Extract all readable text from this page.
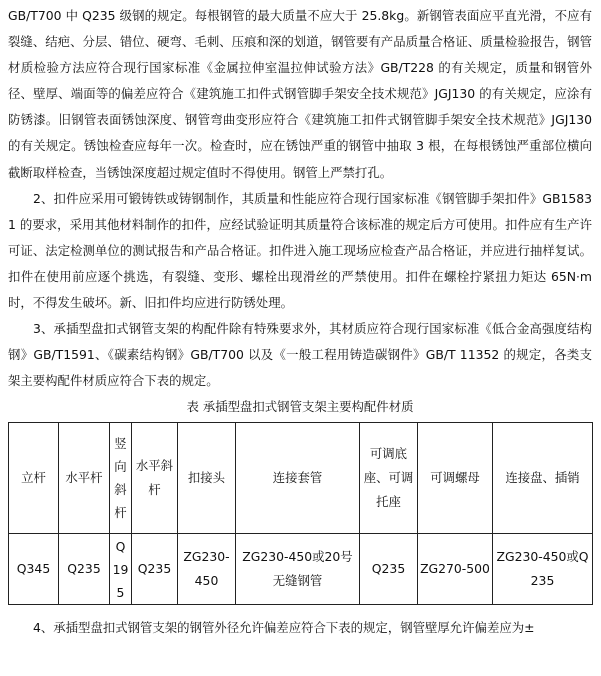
GB/T700 中 Q235 级钢的规定。每根钢管的最大质量不应大于 25.8kg。新钢管表面应平直光滑，不应有裂缝、结疤、分层、错位、硬弯、毛刺、压痕和深的划道，钢管要有产品质量合格证、质量检验报告，钢管材质检验方法应符合现行国家标准《金属拉伸室温拉伸试验方法》GB/T228 的有关规定，质量和钢管外径、壁厚、端面等的偏差应符合《建筑施工扣件式钢管脚手架安全技术规范》JGJ130 的有关规定，应涂有防锈漆。旧钢管表面锈蚀深度、钢管弯曲变形应符合《建筑施工扣件式钢管脚手架安全技术规范》JGJ130 的有关规定。锈蚀检查应每年一次。检查时，应在锈蚀严重的钢管中抽取 3 根，在每根锈蚀严重部位横向截断取样检查，当锈蚀深度超过规定值时不得使用。钢管上严禁打孔。

2、扣件应采用可锻铸铁或铸钢制作，其质量和性能应符合现行国家标准《钢管脚手架扣件》GB15831 的要求，采用其他材料制作的扣件，应经试验证明其质量符合该标准的规定后方可使用。扣件应有生产许可证、法定检测单位的测试报告和产品合格证。扣件进入施工现场应检查产品合格证，并应进行抽样复试。扣件在使用前应逐个挑选，有裂缝、变形、螺栓出现滑丝的严禁使用。扣件在螺栓拧紧扭力矩达 65N·m时，不得发生破坏。新、旧扣件均应进行防锈处理。

3、承插型盘扣式钢管支架的构配件除有特殊要求外，其材质应符合现行国家标准《低合金高强度结构钢》GB/T1591、《碳素结构钢》GB/T700 以及《一般工程用铸造碳钢件》GB/T 11352 的规定，各类支架主要构配件材质应符合下表的规定。

表 承插型盘扣式钢管支架主要构配件材质
立杆	水平杆	竖向斜杆	水平斜杆	扣接头	连接套管	可调底座、可调托座	可调螺母	连接盘、插销
Q345	Q235	Q195	Q235	ZG230-450	ZG230-450或20号无缝钢管	Q235	ZG270-500	ZG230-450或Q235

4、承插型盘扣式钢管支架的钢管外径允许偏差应符合下表的规定，钢管壁厚允许偏差应为±
